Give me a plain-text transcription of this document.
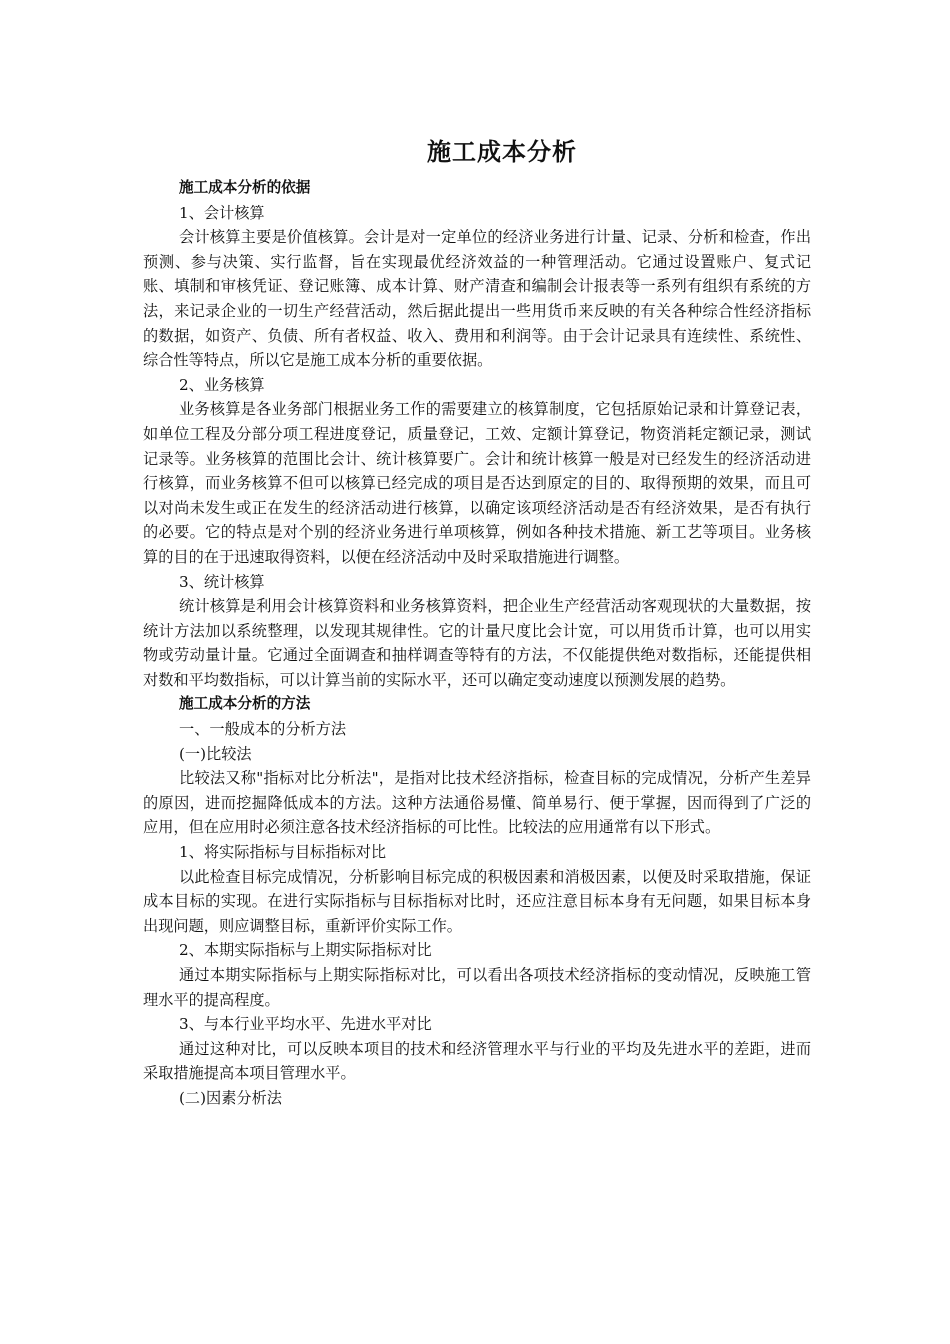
施工成本分析

施工成本分析的依据

1、会计核算

会计核算主要是价值核算。会计是对一定单位的经济业务进行计量、记录、分析和检查，作出预测、参与决策、实行监督，旨在实现最优经济效益的一种管理活动。它通过设置账户、复式记账、填制和审核凭证、登记账簿、成本计算、财产清查和编制会计报表等一系列有组织有系统的方法，来记录企业的一切生产经营活动，然后据此提出一些用货币来反映的有关各种综合性经济指标的数据，如资产、负债、所有者权益、收入、费用和利润等。由于会计记录具有连续性、系统性、综合性等特点，所以它是施工成本分析的重要依据。

2、业务核算

业务核算是各业务部门根据业务工作的需要建立的核算制度，它包括原始记录和计算登记表，如单位工程及分部分项工程进度登记，质量登记，工效、定额计算登记，物资消耗定额记录，测试记录等。业务核算的范围比会计、统计核算要广。会计和统计核算一般是对已经发生的经济活动进行核算，而业务核算不但可以核算已经完成的项目是否达到原定的目的、取得预期的效果，而且可以对尚未发生或正在发生的经济活动进行核算，以确定该项经济活动是否有经济效果，是否有执行的必要。它的特点是对个别的经济业务进行单项核算，例如各种技术措施、新工艺等项目。业务核算的目的在于迅速取得资料，以便在经济活动中及时采取措施进行调整。

3、统计核算

统计核算是利用会计核算资料和业务核算资料，把企业生产经营活动客观现状的大量数据，按统计方法加以系统整理，以发现其规律性。它的计量尺度比会计宽，可以用货币计算，也可以用实物或劳动量计量。它通过全面调查和抽样调查等特有的方法，不仅能提供绝对数指标，还能提供相对数和平均数指标，可以计算当前的实际水平，还可以确定变动速度以预测发展的趋势。

施工成本分析的方法

一、一般成本的分析方法

(一)比较法

比较法又称"指标对比分析法"，是指对比技术经济指标，检查目标的完成情况，分析产生差异的原因，进而挖掘降低成本的方法。这种方法通俗易懂、简单易行、便于掌握，因而得到了广泛的应用，但在应用时必须注意各技术经济指标的可比性。比较法的应用通常有以下形式。

1、将实际指标与目标指标对比

以此检查目标完成情况，分析影响目标完成的积极因素和消极因素，以便及时采取措施，保证成本目标的实现。在进行实际指标与目标指标对比时，还应注意目标本身有无问题，如果目标本身出现问题，则应调整目标，重新评价实际工作。

2、本期实际指标与上期实际指标对比

通过本期实际指标与上期实际指标对比，可以看出各项技术经济指标的变动情况，反映施工管理水平的提高程度。

3、与本行业平均水平、先进水平对比

通过这种对比，可以反映本项目的技术和经济管理水平与行业的平均及先进水平的差距，进而采取措施提高本项目管理水平。

(二)因素分析法
